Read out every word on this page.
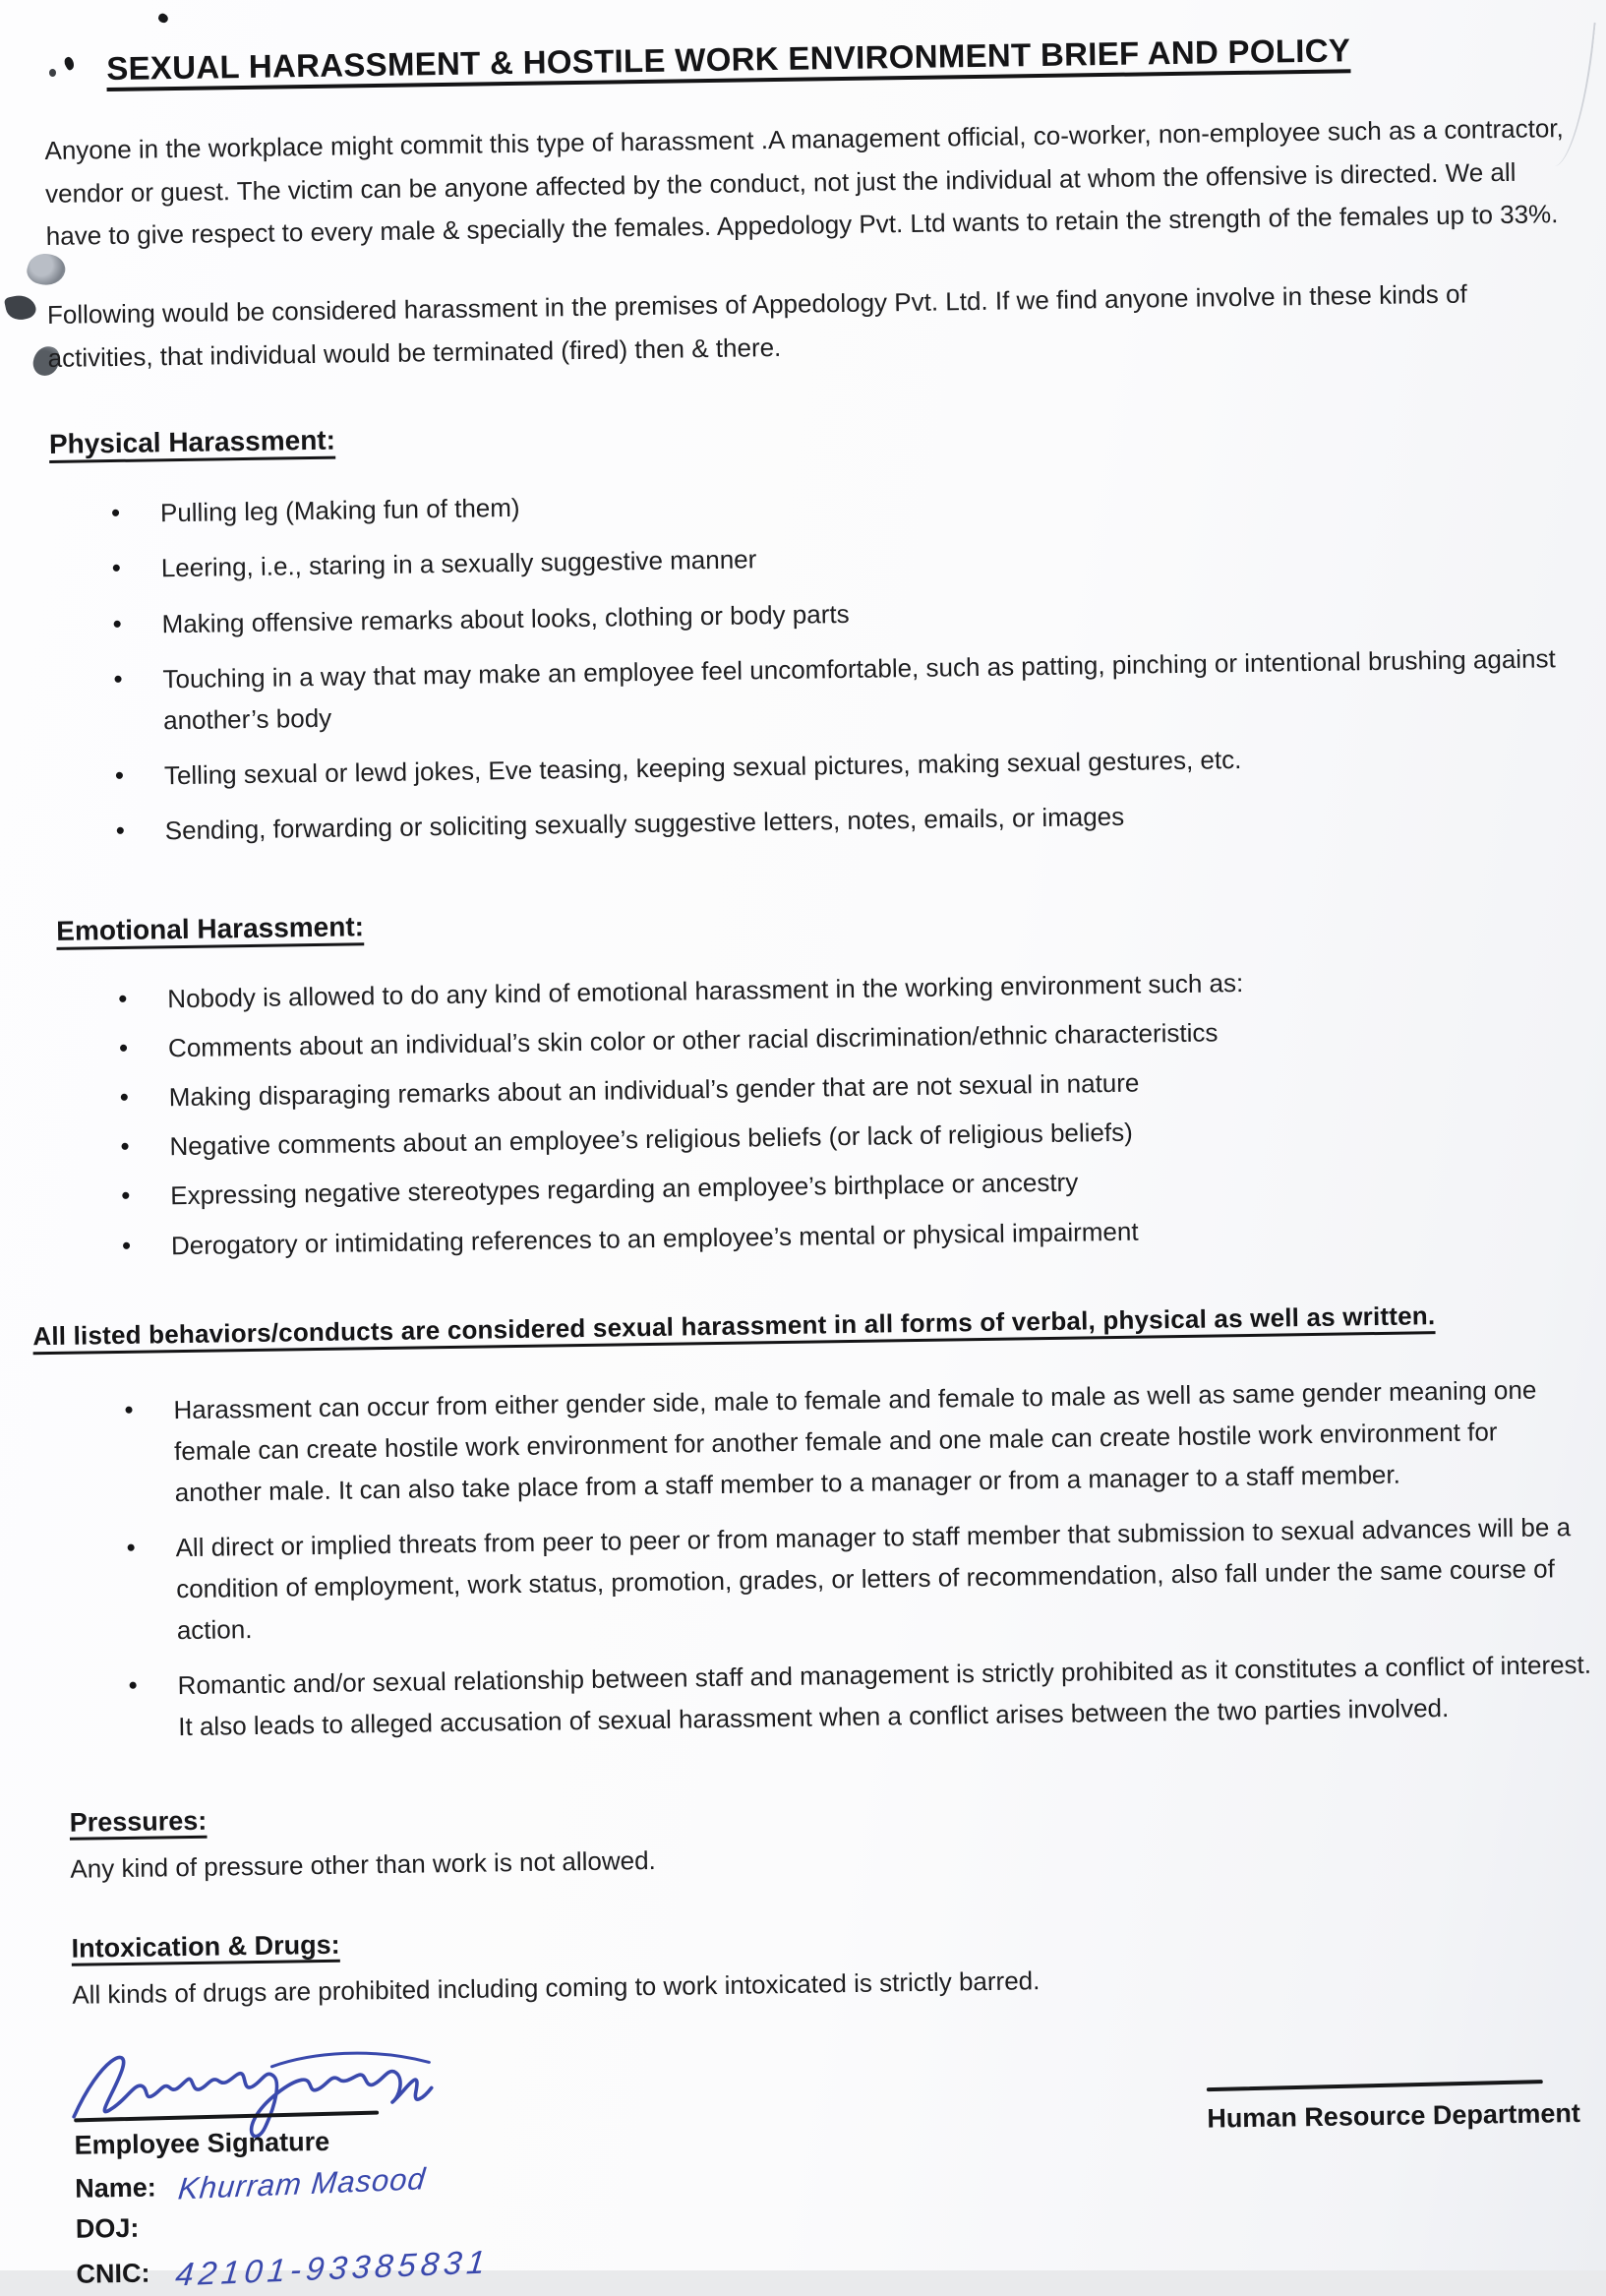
SEXUAL HARASSMENT & HOSTILE WORK ENVIRONMENT BRIEF AND POLICY

Anyone in the workplace might commit this type of harassment .A management official, co-worker, non-employee such as a contractor, vendor or guest. The victim can be anyone affected by the conduct, not just the individual at whom the offensive is directed. We all have to give respect to every male & specially the females. Appedology Pvt. Ltd wants to retain the strength of the females up to 33%.

Following would be considered harassment in the premises of Appedology Pvt. Ltd. If we find anyone involve in these kinds of activities, that individual would be terminated (fired) then & there.

Physical Harassment:
• Pulling leg (Making fun of them)
• Leering, i.e., staring in a sexually suggestive manner
• Making offensive remarks about looks, clothing or body parts
• Touching in a way that may make an employee feel uncomfortable, such as patting, pinching or intentional brushing against another’s body
• Telling sexual or lewd jokes, Eve teasing, keeping sexual pictures, making sexual gestures, etc.
• Sending, forwarding or soliciting sexually suggestive letters, notes, emails, or images
Emotional Harassment:
• Nobody is allowed to do any kind of emotional harassment in the working environment such as:
• Comments about an individual’s skin color or other racial discrimination/ethnic characteristics
• Making disparaging remarks about an individual’s gender that are not sexual in nature
• Negative comments about an employee’s religious beliefs (or lack of religious beliefs)
• Expressing negative stereotypes regarding an employee’s birthplace or ancestry
• Derogatory or intimidating references to an employee’s mental or physical impairment
All listed behaviors/conducts are considered sexual harassment in all forms of verbal, physical as well as written.
• Harassment can occur from either gender side, male to female and female to male as well as same gender meaning one female can create hostile work environment for another female and one male can create hostile work environment for another male. It can also take place from a staff member to a manager or from a manager to a staff member.
• All direct or implied threats from peer to peer or from manager to staff member that submission to sexual advances will be a condition of employment, work status, promotion, grades, or letters of recommendation, also fall under the same course of action.
• Romantic and/or sexual relationship between staff and management is strictly prohibited as it constitutes a conflict of interest. It also leads to alleged accusation of sexual harassment when a conflict arises between the two parties involved.
Pressures:

Any kind of pressure other than work is not allowed.

Intoxication & Drugs:

All kinds of drugs are prohibited including coming to work intoxicated is strictly barred.

Employee Signature
Name: Khurram Masood
DOJ:
CNIC: 42101-93385831
Human Resource Department
